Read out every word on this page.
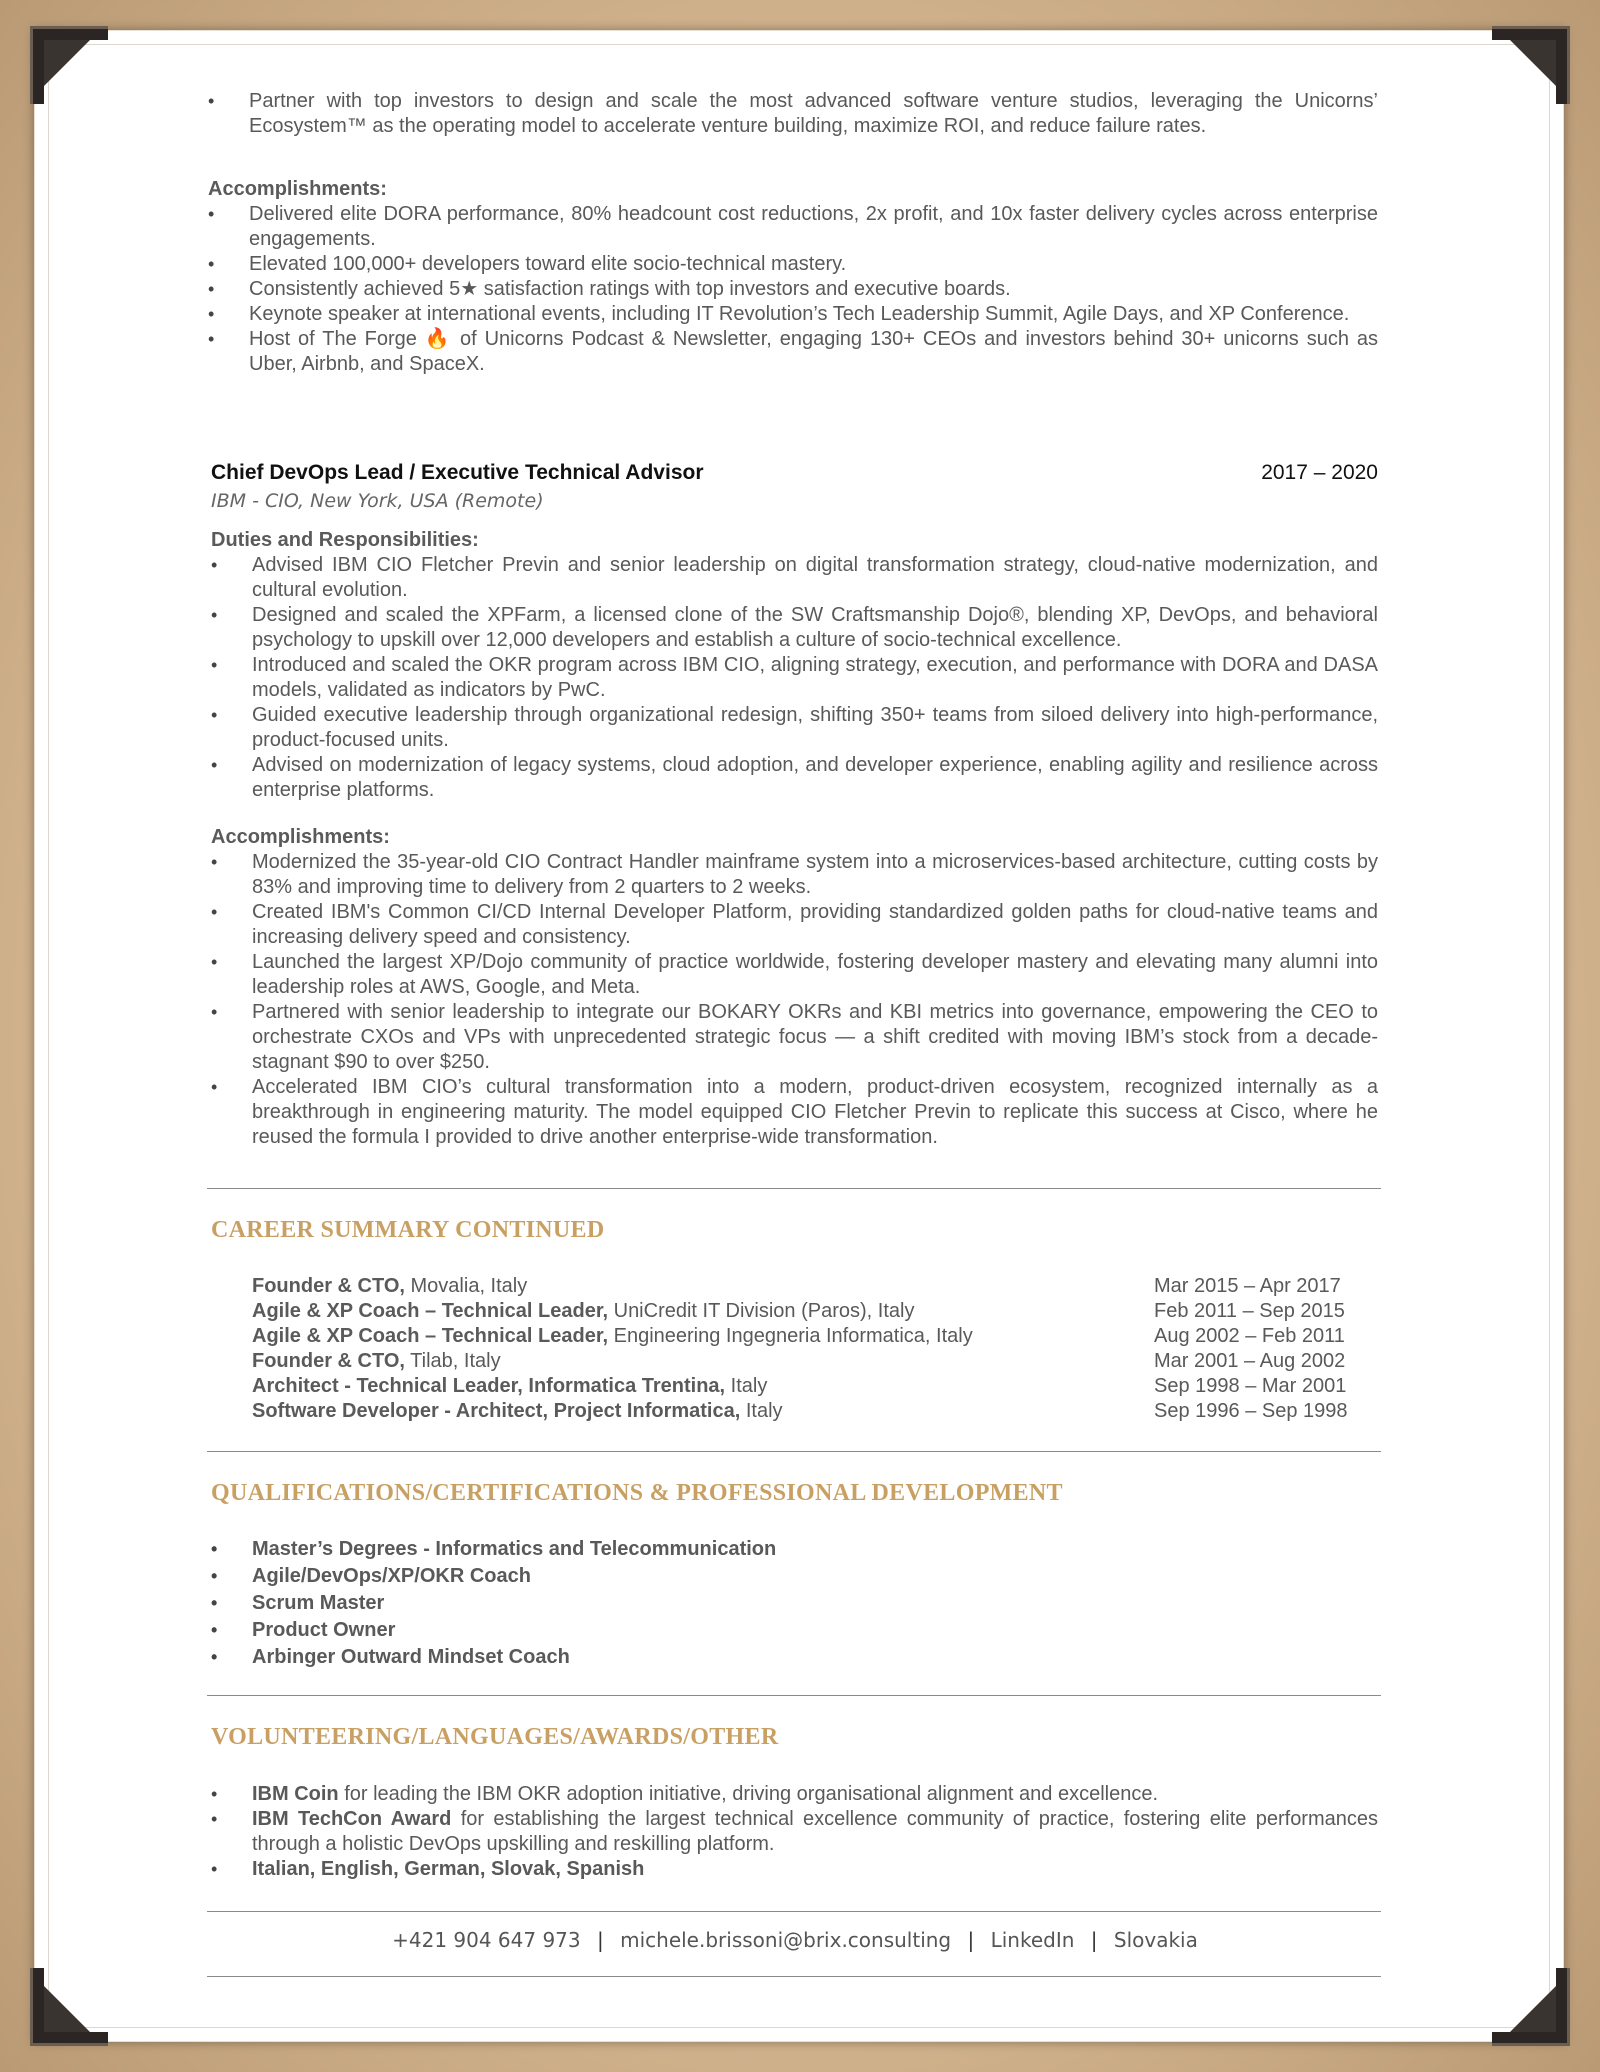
• Partner with top investors to design and scale the most advanced software venture studios, leveraging the Unicorns’ Ecosystem™ as the operating model to accelerate venture building, maximize ROI, and reduce failure rates.
Accomplishments:
• Delivered elite DORA performance, 80% headcount cost reductions, 2x profit, and 10x faster delivery cycles across enterprise engagements.
• Elevated 100,000+ developers toward elite socio-technical mastery.
• Consistently achieved 5★ satisfaction ratings with top investors and executive boards.
• Keynote speaker at international events, including IT Revolution’s Tech Leadership Summit, Agile Days, and XP Conference.
• Host of The Forge 🔥 of Unicorns Podcast & Newsletter, engaging 130+ CEOs and investors behind 30+ unicorns such as Uber, Airbnb, and SpaceX.
Chief DevOps Lead / Executive Technical Advisor	2017 – 2020
IBM - CIO, New York, USA (Remote)
Duties and Responsibilities:
• Advised IBM CIO Fletcher Previn and senior leadership on digital transformation strategy, cloud-native modernization, and cultural evolution.
• Designed and scaled the XPFarm, a licensed clone of the SW Craftsmanship Dojo®, blending XP, DevOps, and behavioral psychology to upskill over 12,000 developers and establish a culture of socio-technical excellence.
• Introduced and scaled the OKR program across IBM CIO, aligning strategy, execution, and performance with DORA and DASA models, validated as indicators by PwC.
• Guided executive leadership through organizational redesign, shifting 350+ teams from siloed delivery into high-performance, product-focused units.
• Advised on modernization of legacy systems, cloud adoption, and developer experience, enabling agility and resilience across enterprise platforms.
Accomplishments:
• Modernized the 35-year-old CIO Contract Handler mainframe system into a microservices-based architecture, cutting costs by 83% and improving time to delivery from 2 quarters to 2 weeks.
• Created IBM's Common CI/CD Internal Developer Platform, providing standardized golden paths for cloud-native teams and increasing delivery speed and consistency.
• Launched the largest XP/Dojo community of practice worldwide, fostering developer mastery and elevating many alumni into leadership roles at AWS, Google, and Meta.
• Partnered with senior leadership to integrate our BOKARY OKRs and KBI metrics into governance, empowering the CEO to orchestrate CXOs and VPs with unprecedented strategic focus — a shift credited with moving IBM’s stock from a decade-stagnant $90 to over $250.
• Accelerated IBM CIO’s cultural transformation into a modern, product-driven ecosystem, recognized internally as a breakthrough in engineering maturity. The model equipped CIO Fletcher Previn to replicate this success at Cisco, where he reused the formula I provided to drive another enterprise-wide transformation.
CAREER SUMMARY CONTINUED
Founder & CTO, Movalia, Italy	Mar 2015 – Apr 2017
Agile & XP Coach – Technical Leader, UniCredit IT Division (Paros), Italy	Feb 2011 – Sep 2015
Agile & XP Coach – Technical Leader, Engineering Ingegneria Informatica, Italy	Aug 2002 – Feb 2011
Founder & CTO, Tilab, Italy	Mar 2001 – Aug 2002
Architect - Technical Leader, Informatica Trentina, Italy	Sep 1998 – Mar 2001
Software Developer - Architect, Project Informatica, Italy	Sep 1996 – Sep 1998
QUALIFICATIONS/CERTIFICATIONS & PROFESSIONAL DEVELOPMENT
• Master’s Degrees - Informatics and Telecommunication
• Agile/DevOps/XP/OKR Coach
• Scrum Master
• Product Owner
• Arbinger Outward Mindset Coach
VOLUNTEERING/LANGUAGES/AWARDS/OTHER
• IBM Coin for leading the IBM OKR adoption initiative, driving organisational alignment and excellence.
• IBM TechCon Award for establishing the largest technical excellence community of practice, fostering elite performances through a holistic DevOps upskilling and reskilling platform.
• Italian, English, German, Slovak, Spanish
+421 904 647 973 | michele.brissoni@brix.consulting | LinkedIn | Slovakia
